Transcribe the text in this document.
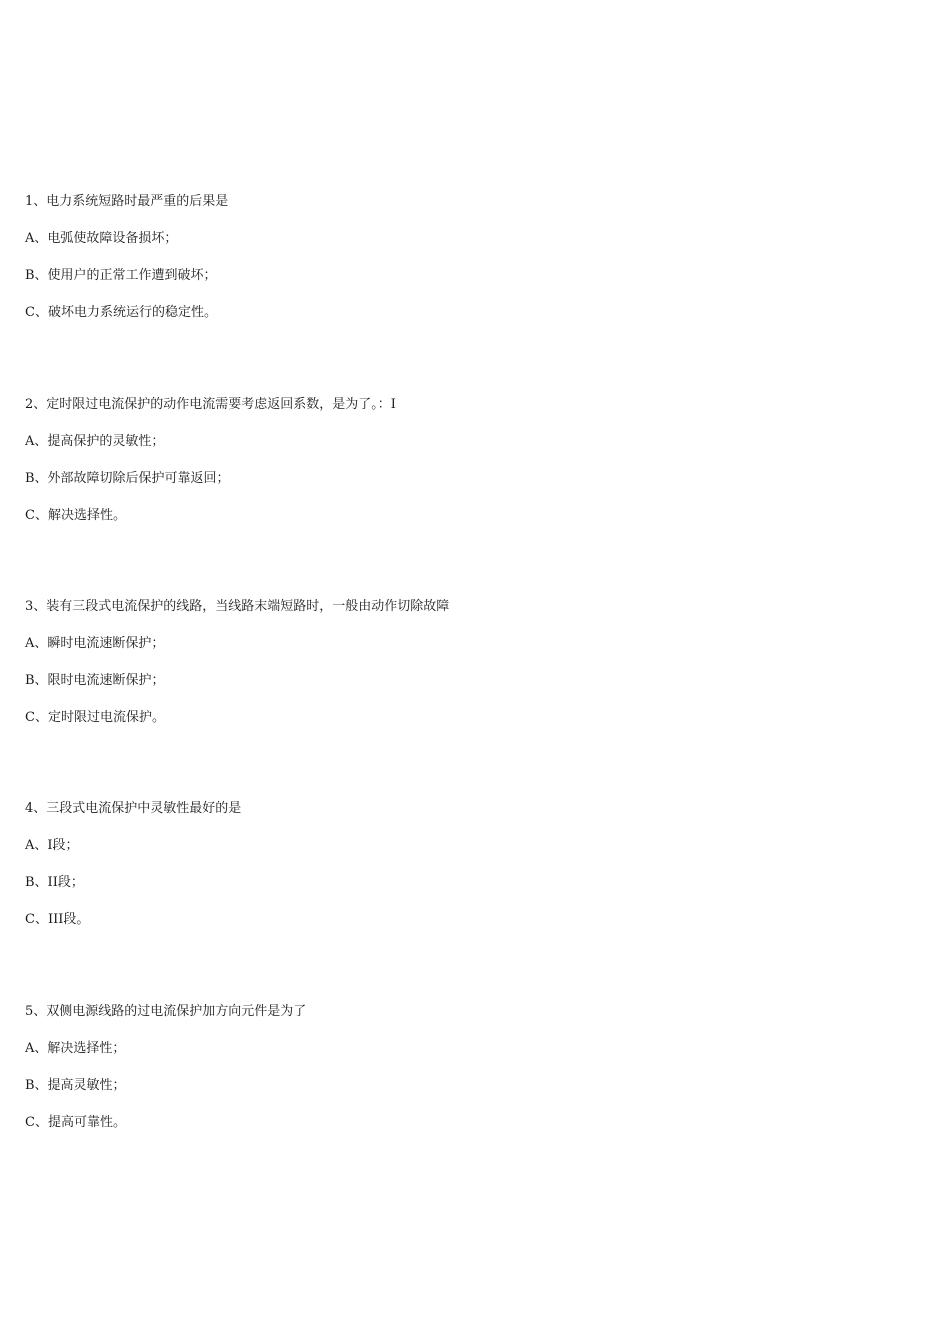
1、电力系统短路时最严重的后果是

A、电弧使故障设备损坏；

B、使用户的正常工作遭到破坏；

C、破坏电力系统运行的稳定性。

2、定时限过电流保护的动作电流需要考虑返回系数，是为了。：I

A、提高保护的灵敏性；

B、外部故障切除后保护可靠返回；

C、解决选择性。

3、装有三段式电流保护的线路，当线路末端短路时，一般由动作切除故障

A、瞬时电流速断保护；

B、限时电流速断保护；

C、定时限过电流保护。

4、三段式电流保护中灵敏性最好的是

A、I段；

B、II段；

C、III段。

5、双侧电源线路的过电流保护加方向元件是为了

A、解决选择性；

B、提高灵敏性；

C、提高可靠性。
